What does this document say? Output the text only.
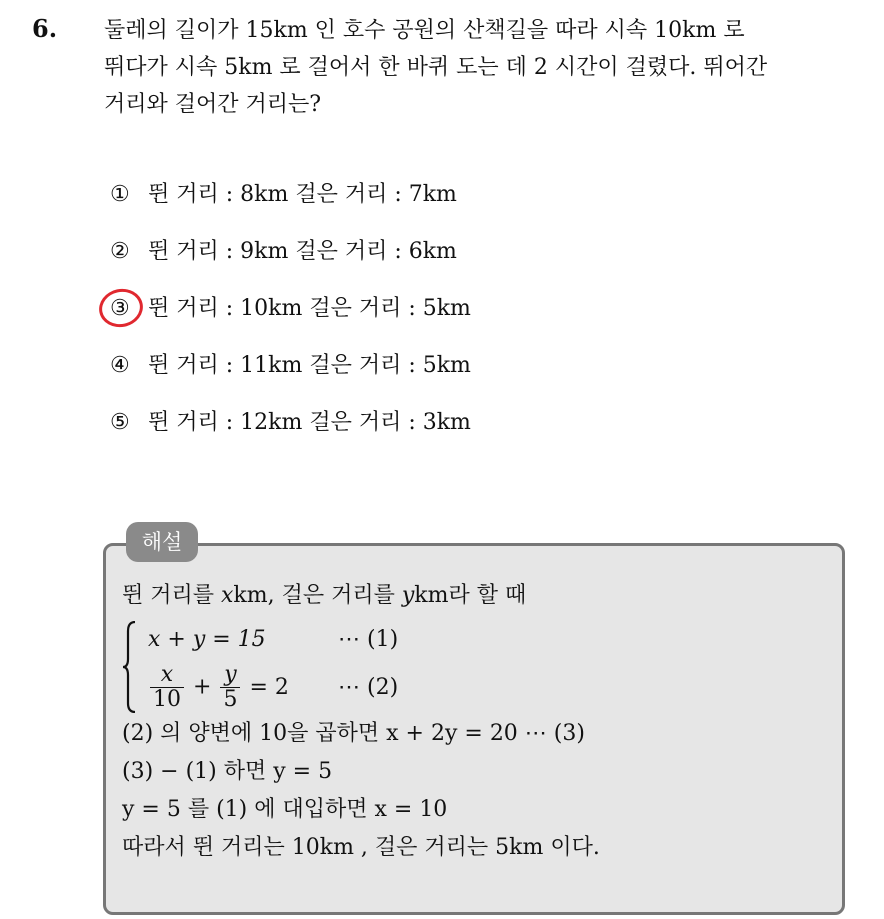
6. 둘레의 길이가 15km 인 호수 공원의 산책길을 따라 시속 10km 로
뛰다가 시속 5km 로 걸어서 한 바퀴 도는 데 2 시간이 걸렸다. 뛰어간
거리와 걸어간 거리는?

① 뛴 거리 : 8km 걸은 거리 : 7km
② 뛴 거리 : 9km 걸은 거리 : 6km
③ 뛴 거리 : 10km 걸은 거리 : 5km
④ 뛴 거리 : 11km 걸은 거리 : 5km
⑤ 뛴 거리 : 12km 걸은 거리 : 3km
해설
뛴 거리를 xkm, 걸은 거리를 ykm라 할 때
x + y = 15	⋯ (1)
$\frac{x}{10} + \frac{y}{5} = 2$ ⋯ (2)
(2) 의 양변에 10을 곱하면 x + 2y = 20 ⋯ (3)
(3) − (1) 하면 y = 5
y = 5 를 (1) 에 대입하면 x = 10
따라서 뛴 거리는 10km , 걸은 거리는 5km 이다.
